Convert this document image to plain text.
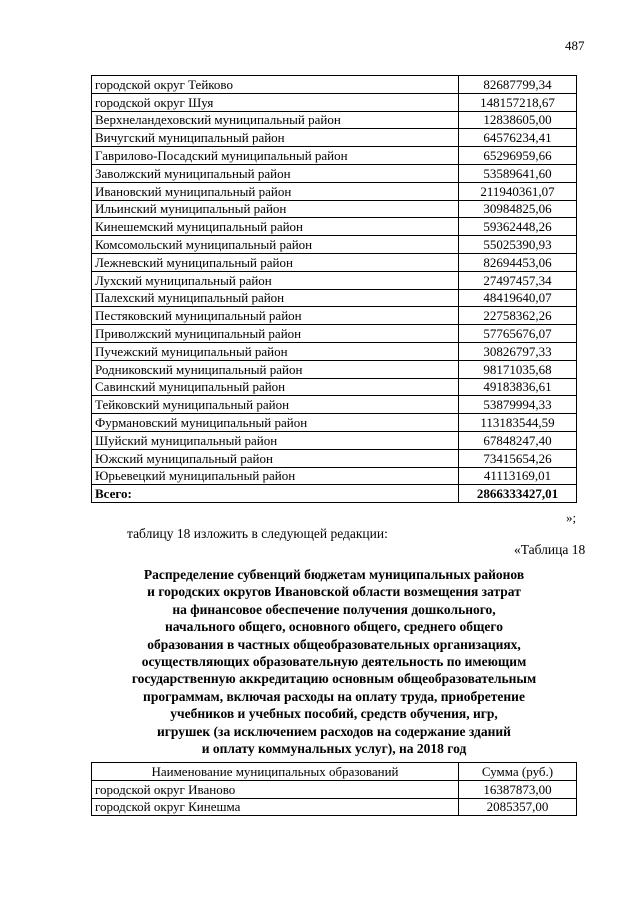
487
городской округ Тейково	82687799,34
городской округ Шуя	148157218,67
Верхнеландеховский муниципальный район	12838605,00
Вичугский муниципальный район	64576234,41
Гаврилово-Посадский муниципальный район	65296959,66
Заволжский муниципальный район	53589641,60
Ивановский муниципальный район	211940361,07
Ильинский муниципальный район	30984825,06
Кинешемский муниципальный район	59362448,26
Комсомольский муниципальный район	55025390,93
Лежневский муниципальный район	82694453,06
Лухский муниципальный район	27497457,34
Палехский муниципальный район	48419640,07
Пестяковский муниципальный район	22758362,26
Приволжский муниципальный район	57765676,07
Пучежский муниципальный район	30826797,33
Родниковский муниципальный район	98171035,68
Савинский муниципальный район	49183836,61
Тейковский муниципальный район	53879994,33
Фурмановский муниципальный район	113183544,59
Шуйский муниципальный район	67848247,40
Южский муниципальный район	73415654,26
Юрьевецкий муниципальный район	41113169,01
Всего:	2866333427,01
»;
таблицу 18 изложить в следующей редакции:
«Таблица 18
Распределение субвенций бюджетам муниципальных районов
и городских округов Ивановской области возмещения затрат
на финансовое обеспечение получения дошкольного,
начального общего, основного общего, среднего общего
образования в частных общеобразовательных организациях,
осуществляющих образовательную деятельность по имеющим
государственную аккредитацию основным общеобразовательным
программам, включая расходы на оплату труда, приобретение
учебников и учебных пособий, средств обучения, игр,
игрушек (за исключением расходов на содержание зданий
и оплату коммунальных услуг), на 2018 год
Наименование муниципальных образований	Сумма (руб.)
городской округ Иваново	16387873,00
городской округ Кинешма	2085357,00
